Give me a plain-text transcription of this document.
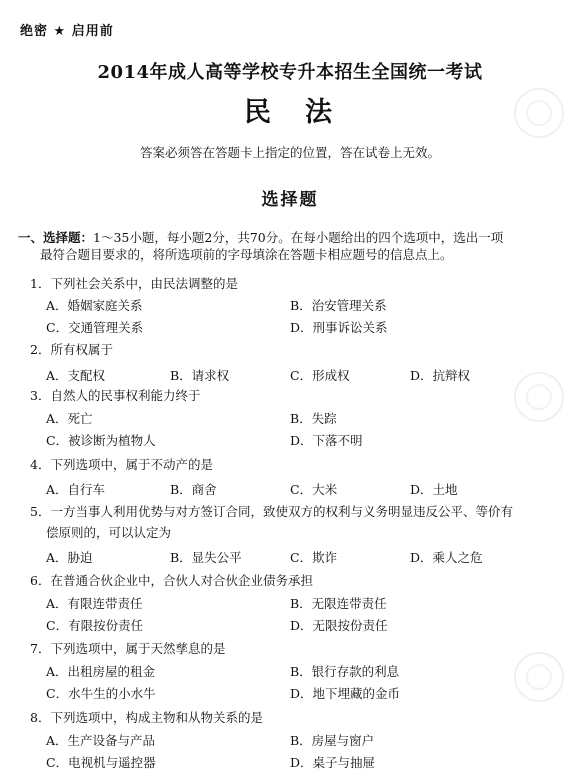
绝密 ★ 启用前
2014年成人高等学校专升本招生全国统一考试
民法
答案必须答在答题卡上指定的位置，答在试卷上无效。
选择题
一、选择题：1～35小题，每小题2分，共70分。在每小题给出的四个选项中，选出一项
最符合题目要求的，将所选项前的字母填涂在答题卡相应题号的信息点上。
1．下列社会关系中，由民法调整的是
A．婚姻家庭关系	B．治安管理关系
C．交通管理关系	D．刑事诉讼关系
2．所有权属于
A．支配权	B．请求权	C．形成权	D．抗辩权
3．自然人的民事权利能力终于
A．死亡	B．失踪
C．被诊断为植物人	D．下落不明
4．下列选项中，属于不动产的是
A．自行车	B．商舍	C．大米	D．土地
5．一方当事人利用优势与对方签订合同，致使双方的权利与义务明显违反公平、等价有
偿原则的，可以认定为
A．胁迫	B．显失公平	C．欺诈	D．乘人之危
6．在普通合伙企业中，合伙人对合伙企业债务承担
A．有限连带责任	B．无限连带责任
C．有限按份责任	D．无限按份责任
7．下列选项中，属于天然孳息的是
A．出租房屋的租金	B．银行存款的利息
C．水牛生的小水牛	D．地下埋藏的金币
8．下列选项中，构成主物和从物关系的是
A．生产设备与产品	B．房屋与窗户
C．电视机与遥控器	D．桌子与抽屉
